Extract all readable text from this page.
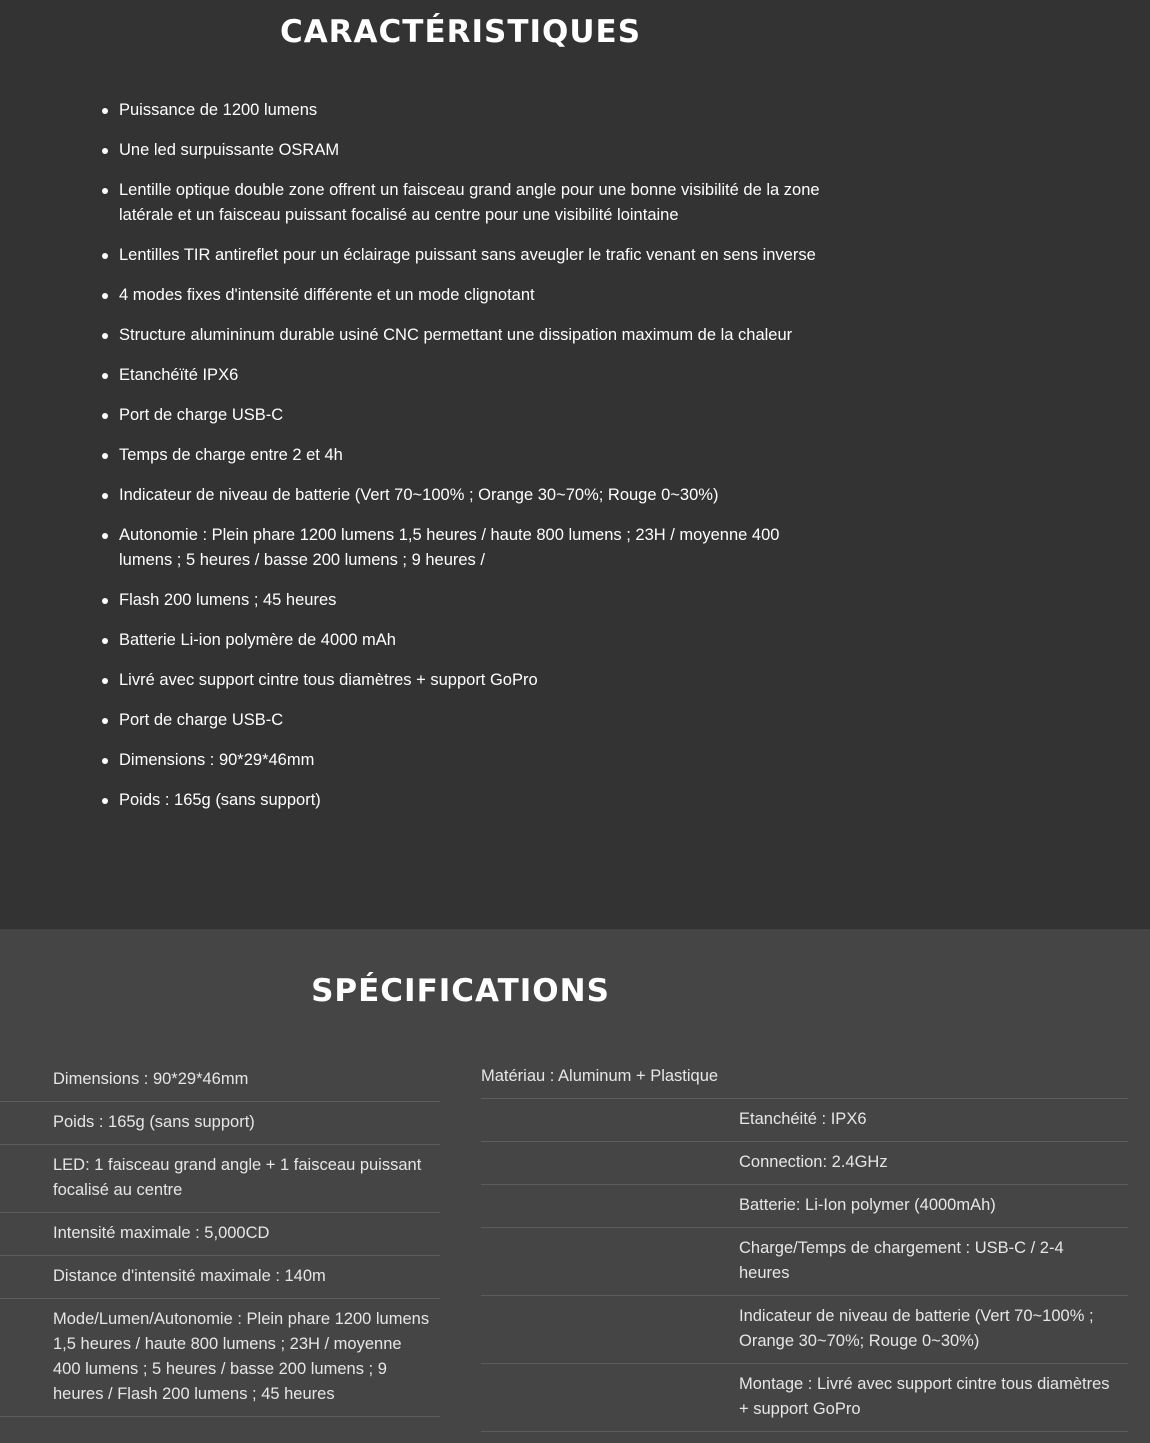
CARACTÉRISTIQUES
Puissance de 1200 lumens
Une led surpuissante OSRAM
Lentille optique double zone offrent un faisceau grand angle pour une bonne visibilité de la zone latérale et un faisceau puissant focalisé au centre pour une visibilité lointaine
Lentilles TIR antireflet pour un éclairage puissant sans aveugler le trafic venant en sens inverse
4 modes fixes d'intensité différente et un mode clignotant
Structure alumininum durable usiné CNC permettant une dissipation maximum de la chaleur
Etanchéïté IPX6
Port de charge USB-C
Temps de charge entre 2 et 4h
Indicateur de niveau de batterie (Vert 70~100% ; Orange 30~70%; Rouge 0~30%)
Autonomie : Plein phare 1200 lumens 1,5 heures / haute 800 lumens ; 23H / moyenne 400 lumens ; 5 heures / basse 200 lumens ; 9 heures /
Flash 200 lumens ; 45 heures
Batterie Li-ion polymère de 4000 mAh
Livré avec support cintre tous diamètres + support GoPro
Port de charge USB-C
Dimensions : 90*29*46mm
Poids : 165g (sans support)
SPÉCIFICATIONS
Dimensions : 90*29*46mm
Poids : 165g (sans support)
LED: 1 faisceau grand angle + 1 faisceau puissant focalisé au centre
Intensité maximale : 5,000CD
Distance d'intensité maximale : 140m
Mode/Lumen/Autonomie : Plein phare 1200 lumens 1,5 heures / haute 800 lumens ; 23H / moyenne 400 lumens ; 5 heures / basse 200 lumens ; 9 heures / Flash 200 lumens ; 45 heures
Matériau : Aluminum + Plastique
Etanchéité : IPX6
Connection: 2.4GHz
Batterie: Li-Ion polymer (4000mAh)
Charge/Temps de chargement : USB-C / 2-4 heures
Indicateur de niveau de batterie (Vert 70~100% ; Orange 30~70%; Rouge 0~30%)
Montage : Livré avec support cintre tous diamètres + support GoPro
